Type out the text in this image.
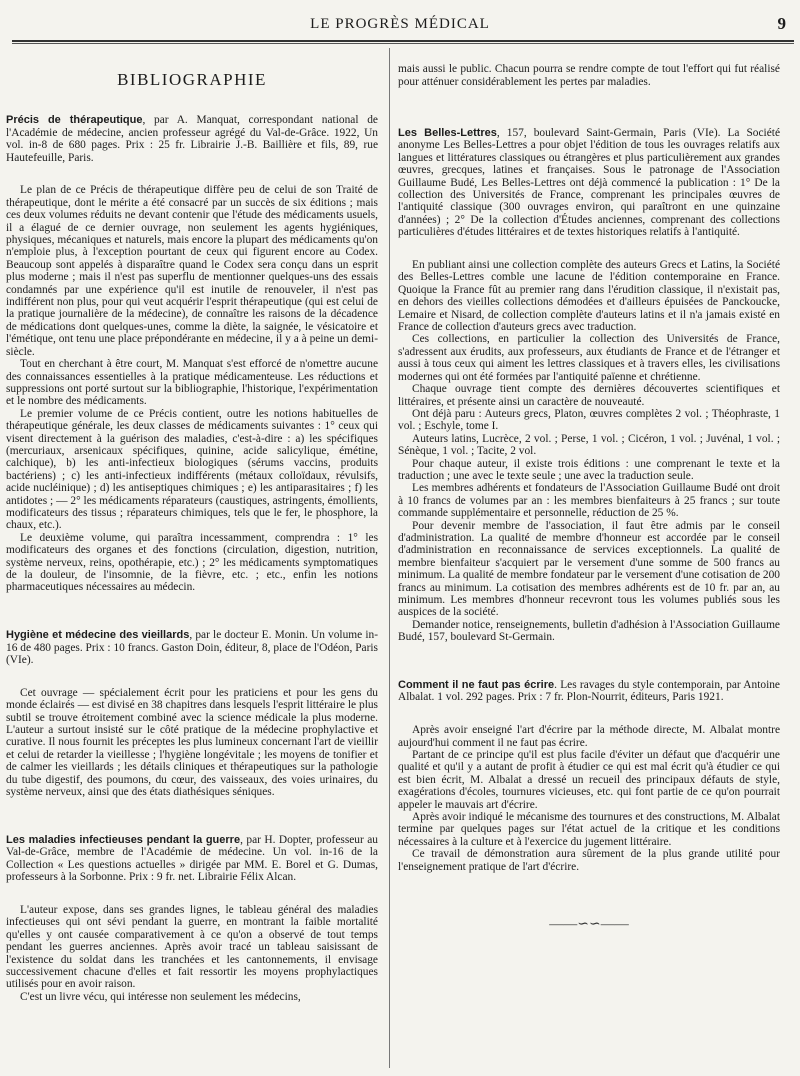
LE PROGRÈS MÉDICAL	9
BIBLIOGRAPHIE

Précis de thérapeutique, par A. Manquat, correspondant national de l'Académie de médecine, ancien professeur agrégé du Val-de-Grâce. 1922, Un vol. in-8 de 680 pages. Prix : 25 fr. Librairie J.-B. Baillière et fils, 89, rue Hautefeuille, Paris.

Le plan de ce Précis de thérapeutique diffère peu de celui de son Traité de thérapeutique, dont le mérite a été consacré par un succès de six éditions ; mais ces deux volumes réduits ne devant contenir que l'étude des médicaments usuels, il a élagué de ce dernier ouvrage, non seulement les agents hygiéniques, physiques, mécaniques et naturels, mais encore la plupart des médicaments qu'on n'emploie plus, à l'exception pourtant de ceux qui figurent encore au Codex. Beaucoup sont appelés à disparaître quand le Codex sera conçu dans un esprit plus moderne ; mais il n'est pas superflu de mentionner quelques-uns des essais condamnés par une expérience qu'il est inutile de renouveler, il n'est pas indifférent non plus, pour qui veut acquérir l'esprit thérapeutique (qui est celui de la pratique journalière de la médecine), de connaître les raisons de la décadence de médications dont quelques-unes, comme la diète, la saignée, le vésicatoire et l'émétique, ont tenu une place prépondérante en médecine, il y a à peine un demi-siècle.

Tout en cherchant à être court, M. Manquat s'est efforcé de n'omettre aucune des connaissances essentielles à la pratique médicamenteuse. Les réductions et suppressions ont porté surtout sur la bibliographie, l'historique, l'expérimentation et le nombre des médicaments.

Le premier volume de ce Précis contient, outre les notions habituelles de thérapeutique générale, les deux classes de médicaments suivantes : 1° ceux qui visent directement à la guérison des maladies, c'est-à-dire : a) les spécifiques (mercuriaux, arsenicaux spécifiques, quinine, acide salicylique, émétine, calchique), b) les anti-infectieux biologiques (sérums vaccins, produits bactériens) ; c) les anti-infectieux indifférents (métaux colloïdaux, révulsifs, acide nucléinique) ; d) les antiseptiques chimiques ; e) les antiparasitaires ; f) les antidotes ; — 2° les médicaments réparateurs (caustiques, astringents, émollients, modificateurs des tissus ; réparateurs chimiques, tels que le fer, le phosphore, la chaux, etc.).

Le deuxième volume, qui paraîtra incessamment, comprendra : 1° les modificateurs des organes et des fonctions (circulation, digestion, nutrition, système nerveux, reins, opothérapie, etc.) ; 2° les médicaments symptomatiques de la douleur, de l'insomnie, de la fièvre, etc. ; etc., enfin les notions pharmaceutiques nécessaires au médecin.

Hygiène et médecine des vieillards, par le docteur E. Monin. Un volume in-16 de 480 pages. Prix : 10 francs. Gaston Doin, éditeur, 8, place de l'Odéon, Paris (VIe).

Cet ouvrage — spécialement écrit pour les praticiens et pour les gens du monde éclairés — est divisé en 38 chapitres dans lesquels l'esprit littéraire le plus subtil se trouve étroitement combiné avec la science médicale la plus moderne. L'auteur a surtout insisté sur le côté pratique de la médecine prophylactive et curative. Il nous fournit les préceptes les plus lumineux concernant l'art de vieillir et celui de retarder la vieillesse ; l'hygiène longévitale ; les moyens de tonifier et de calmer les vieillards ; les détails cliniques et thérapeutiques sur la pathologie du tube digestif, des poumons, du cœur, des vaisseaux, des voies urinaires, du système nerveux, ainsi que des états diathésiques séniques.

Les maladies infectieuses pendant la guerre, par H. Dopter, professeur au Val-de-Grâce, membre de l'Académie de médecine. Un vol. in-16 de la Collection « Les questions actuelles » dirigée par MM. E. Borel et G. Dumas, professeurs à la Sorbonne. Prix : 9 fr. net. Librairie Félix Alcan.

L'auteur expose, dans ses grandes lignes, le tableau général des maladies infectieuses qui ont sévi pendant la guerre, en montrant la faible mortalité qu'elles y ont causée comparativement à ce qu'on a observé de tout temps pendant les guerres anciennes. Après avoir tracé un tableau saisissant de l'existence du soldat dans les tranchées et les cantonnements, il envisage successivement chacune d'elles et fait ressortir les moyens prophylactiques utilisés pour en avoir raison.

C'est un livre vécu, qui intéresse non seulement les médecins,

mais aussi le public. Chacun pourra se rendre compte de tout l'effort qui fut réalisé pour atténuer considérablement les pertes par maladies.

Les Belles-Lettres, 157, boulevard Saint-Germain, Paris (VIe). La Société anonyme Les Belles-Lettres a pour objet l'édition de tous les ouvrages relatifs aux langues et littératures classiques ou étrangères et plus particulièrement aux grandes œuvres, grecques, latines et françaises. Sous le patronage de l'Association Guillaume Budé, Les Belles-Lettres ont déjà commencé la publication : 1° De la collection des Universités de France, comprenant les principales œuvres de l'antiquité classique (300 ouvrages environ, qui paraîtront en une quinzaine d'années) ; 2° De la collection d'Études anciennes, comprenant des collections particulières d'études littéraires et de textes historiques relatifs à l'antiquité.

En publiant ainsi une collection complète des auteurs Grecs et Latins, la Société des Belles-Lettres comble une lacune de l'édition contemporaine en France. Quoique la France fût au premier rang dans l'érudition classique, il n'existait pas, en dehors des vieilles collections démodées et d'ailleurs épuisées de Panckoucke, Lemaire et Nisard, de collection complète d'auteurs latins et il n'a jamais existé en France de collection d'auteurs grecs avec traduction.

Ces collections, en particulier la collection des Universités de France, s'adressent aux érudits, aux professeurs, aux étudiants de France et de l'étranger et aussi à tous ceux qui aiment les lettres classiques et à travers elles, les civilisations modernes qui ont été formées par l'antiquité païenne et chrétienne.

Chaque ouvrage tient compte des dernières découvertes scientifiques et littéraires, et présente ainsi un caractère de nouveauté.

Ont déjà paru : Auteurs grecs, Platon, œuvres complètes 2 vol. ; Théophraste, 1 vol. ; Eschyle, tome I.

Auteurs latins, Lucrèce, 2 vol. ; Perse, 1 vol. ; Cicéron, 1 vol. ; Juvénal, 1 vol. ; Sénèque, 1 vol. ; Tacite, 2 vol.

Pour chaque auteur, il existe trois éditions : une comprenant le texte et la traduction ; une avec le texte seule ; une avec la traduction seule.

Les membres adhérents et fondateurs de l'Association Guillaume Budé ont droit à 10 francs de volumes par an : les membres bienfaiteurs à 25 francs ; sur toute commande supplémentaire et personnelle, réduction de 25 %.

Pour devenir membre de l'association, il faut être admis par le conseil d'administration. La qualité de membre d'honneur est accordée par le conseil d'administration en reconnaissance de services exceptionnels. La qualité de membre bienfaiteur s'acquiert par le versement d'une somme de 500 francs au minimum. La qualité de membre fondateur par le versement d'une cotisation de 200 francs au minimum. La cotisation des membres adhérents est de 10 fr. par an, au minimum. Les membres d'honneur recevront tous les volumes publiés sous les auspices de la société.

Demander notice, renseignements, bulletin d'adhésion à l'Association Guillaume Budé, 157, boulevard St-Germain.

Comment il ne faut pas écrire. Les ravages du style contemporain, par Antoine Albalat. 1 vol. 292 pages. Prix : 7 fr. Plon-Nourrit, éditeurs, Paris 1921.

Après avoir enseigné l'art d'écrire par la méthode directe, M. Albalat montre aujourd'hui comment il ne faut pas écrire.

Partant de ce principe qu'il est plus facile d'éviter un défaut que d'acquérir une qualité et qu'il y a autant de profit à étudier ce qui est mal écrit qu'à étudier ce qui est bien écrit, M. Albalat a dressé un recueil des principaux défauts de style, exagérations d'écoles, tournures vicieuses, etc. qui font partie de ce qu'on pourrait appeler le mauvais art d'écrire.

Après avoir indiqué le mécanisme des tournures et des constructions, M. Albalat termine par quelques pages sur l'état actuel de la critique et les conditions nécessaires à la culture et à l'exercice du jugement littéraire.

Ce travail de démonstration aura sûrement de la plus grande utilité pour l'enseignement pratique de l'art d'écrire.

——∽∽——
